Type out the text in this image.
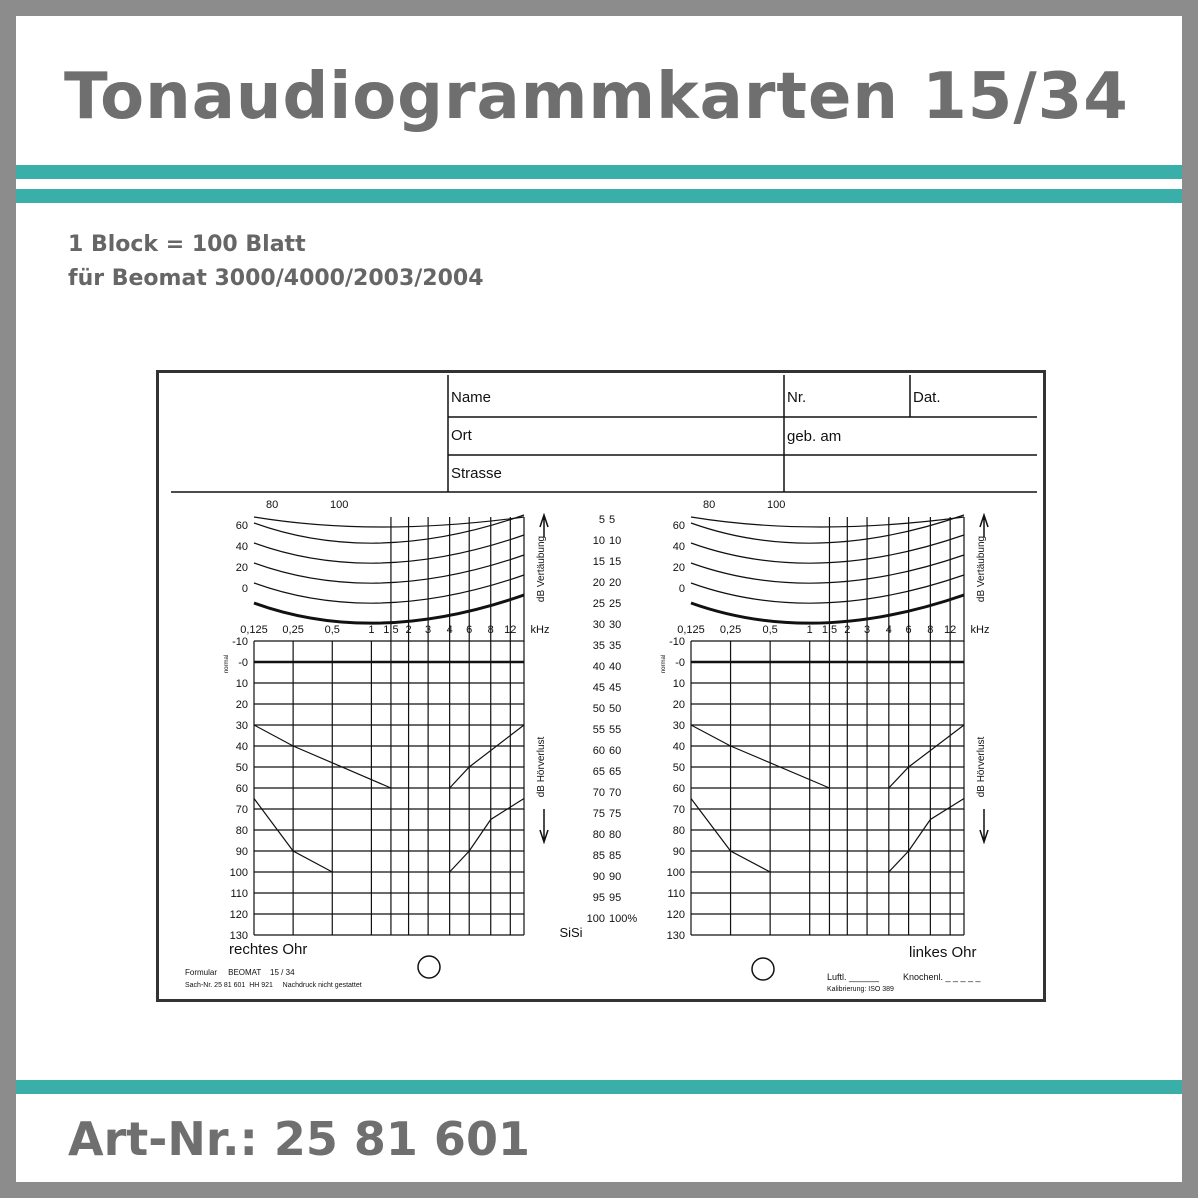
Tonaudiogrammkarten 15/34
1 Block = 100 Blatt
für Beomat 3000/4000/2003/2004
Name	Nr.	Dat.
Ort	geb. am
Strasse
60
40
20
0
80	100
0,125 0,25 0,5	1 1,5 2 3 4 6 8 12 kHz
-10
-0
10
20
30
40
50
60
70
80
90
100
110
120
130
normal
dB Vertäubung
dB Hörverlust
60
40
20
0
80	100
0,125 0,25 0,5	1 1,5 2 3 4 6 8 12 kHz
-10
-0
10
20
30
40
50
60
70
80
90
100
110
120
130
normal
dB Vertäubung
dB Hörverlust
5 5
10 10
15 15
20 20
25 25
30 30
35 35
40 40
45 45
50 50
55 55
60 60
65 65
70 70
75 75
80 80
85 85
90 90
95 95
100 100%
SiSi
rechtes Ohr	linkes Ohr
Formular     BEOMAT    15 / 34
Sach-Nr. 25 81 601  HH 921     Nachdruck nicht gestattet
Luftl. ______	Knochenl. _ _ _ _ _
Kalibrierung: ISO 389
Art-Nr.: 25 81 601
